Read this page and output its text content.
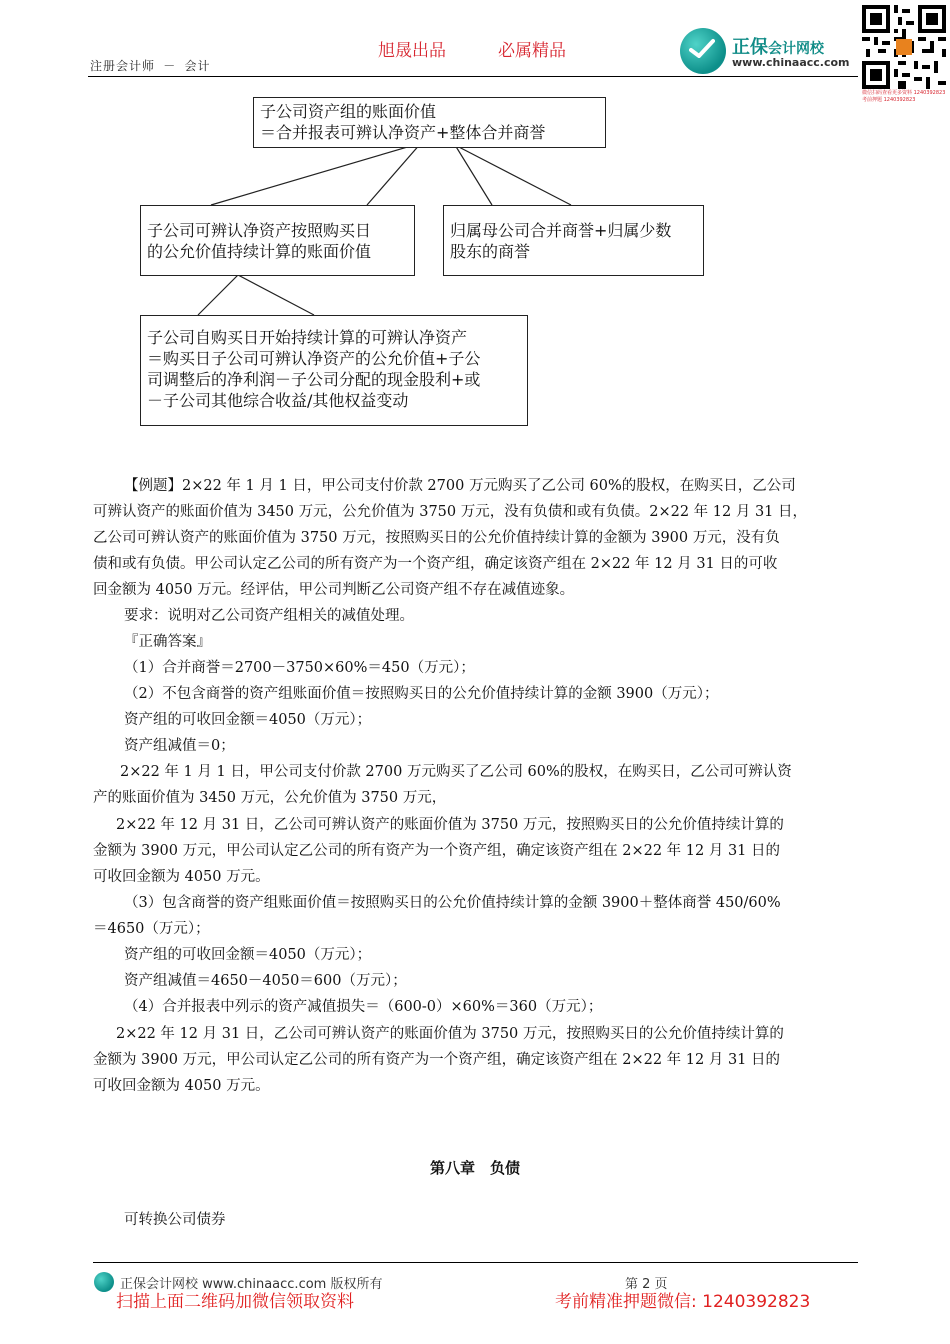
旭晟出品	必属精品
注册会计师 － 会计
正保会计网校
www.chinaacc.com
微信扫码查看更多资料 1240392823 考前押题 1240392823
子公司资产组的账面价值
＝合并报表可辨认净资产+整体合并商誉
子公司可辨认净资产按照购买日
的公允价值持续计算的账面价值
归属母公司合并商誉+归属少数
股东的商誉
子公司自购买日开始持续计算的可辨认净资产
＝购买日子公司可辨认净资产的公允价值+子公
司调整后的净利润－子公司分配的现金股利+或
－子公司其他综合收益/其他权益变动
【例题】2×22 年 1 月 1 日，甲公司支付价款 2700 万元购买了乙公司 60%的股权，在购买日，乙公司
可辨认资产的账面价值为 3450 万元，公允价值为 3750 万元，没有负债和或有负债。2×22 年 12 月 31 日，
乙公司可辨认资产的账面价值为 3750 万元，按照购买日的公允价值持续计算的金额为 3900 万元，没有负
债和或有负债。甲公司认定乙公司的所有资产为一个资产组，确定该资产组在 2×22 年 12 月 31 日的可收
回金额为 4050 万元。经评估，甲公司判断乙公司资产组不存在减值迹象。
要求：说明对乙公司资产组相关的减值处理。
『正确答案』
（1）合并商誉＝2700－3750×60%＝450（万元）；
（2）不包含商誉的资产组账面价值＝按照购买日的公允价值持续计算的金额 3900（万元）；
资产组的可收回金额＝4050（万元）；
资产组减值＝0；
2×22 年 1 月 1 日，甲公司支付价款 2700 万元购买了乙公司 60%的股权，在购买日，乙公司可辨认资
产的账面价值为 3450 万元，公允价值为 3750 万元，
2×22 年 12 月 31 日，乙公司可辨认资产的账面价值为 3750 万元，按照购买日的公允价值持续计算的
金额为 3900 万元，甲公司认定乙公司的所有资产为一个资产组，确定该资产组在 2×22 年 12 月 31 日的
可收回金额为 4050 万元。
（3）包含商誉的资产组账面价值＝按照购买日的公允价值持续计算的金额 3900＋整体商誉 450/60%
＝4650（万元）；
资产组的可收回金额＝4050（万元）；
资产组减值＝4650－4050＝600（万元）；
（4）合并报表中列示的资产减值损失＝（600-0）×60%＝360（万元）；
2×22 年 12 月 31 日，乙公司可辨认资产的账面价值为 3750 万元，按照购买日的公允价值持续计算的
金额为 3900 万元，甲公司认定乙公司的所有资产为一个资产组，确定该资产组在 2×22 年 12 月 31 日的
可收回金额为 4050 万元。
第八章　负债
可转换公司债券
正保会计网校 www.chinaacc.com 版权所有	第 2 页
扫描上面二维码加微信领取资料	考前精准押题微信: 1240392823
